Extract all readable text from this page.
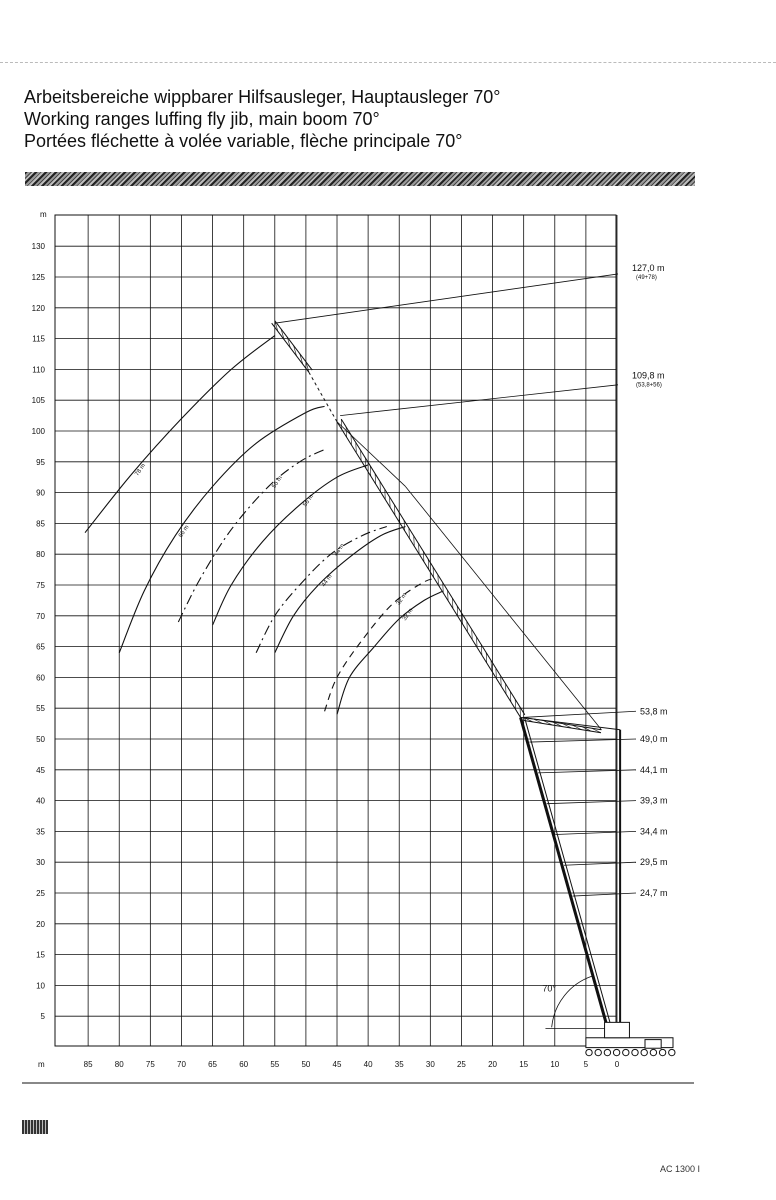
Arbeitsbereiche wippbarer Hilfsausleger, Hauptausleger 70°
Working ranges luffing fly jib, main boom 70°
Portées fléchette à volée variable, flèche principale 70°
85	80	75	70	65	60	55	50	45	40	35	30	25	20	15	10	5	0
5
10
15
20
25
30
35
40
45
50
55
60
65
70
75
80
85
90
95
100
105
110
115
120
125
130
m
m
78 m
66 m
56 m
56 m
44 m
44 m
32 m
32 m
127,0 m
(49+78)
109,8 m
(53,8+56)
53,8 m
49,0 m
44,1 m
39,3 m
34,4 m
29,5 m
24,7 m
70°
AC 1300 I
